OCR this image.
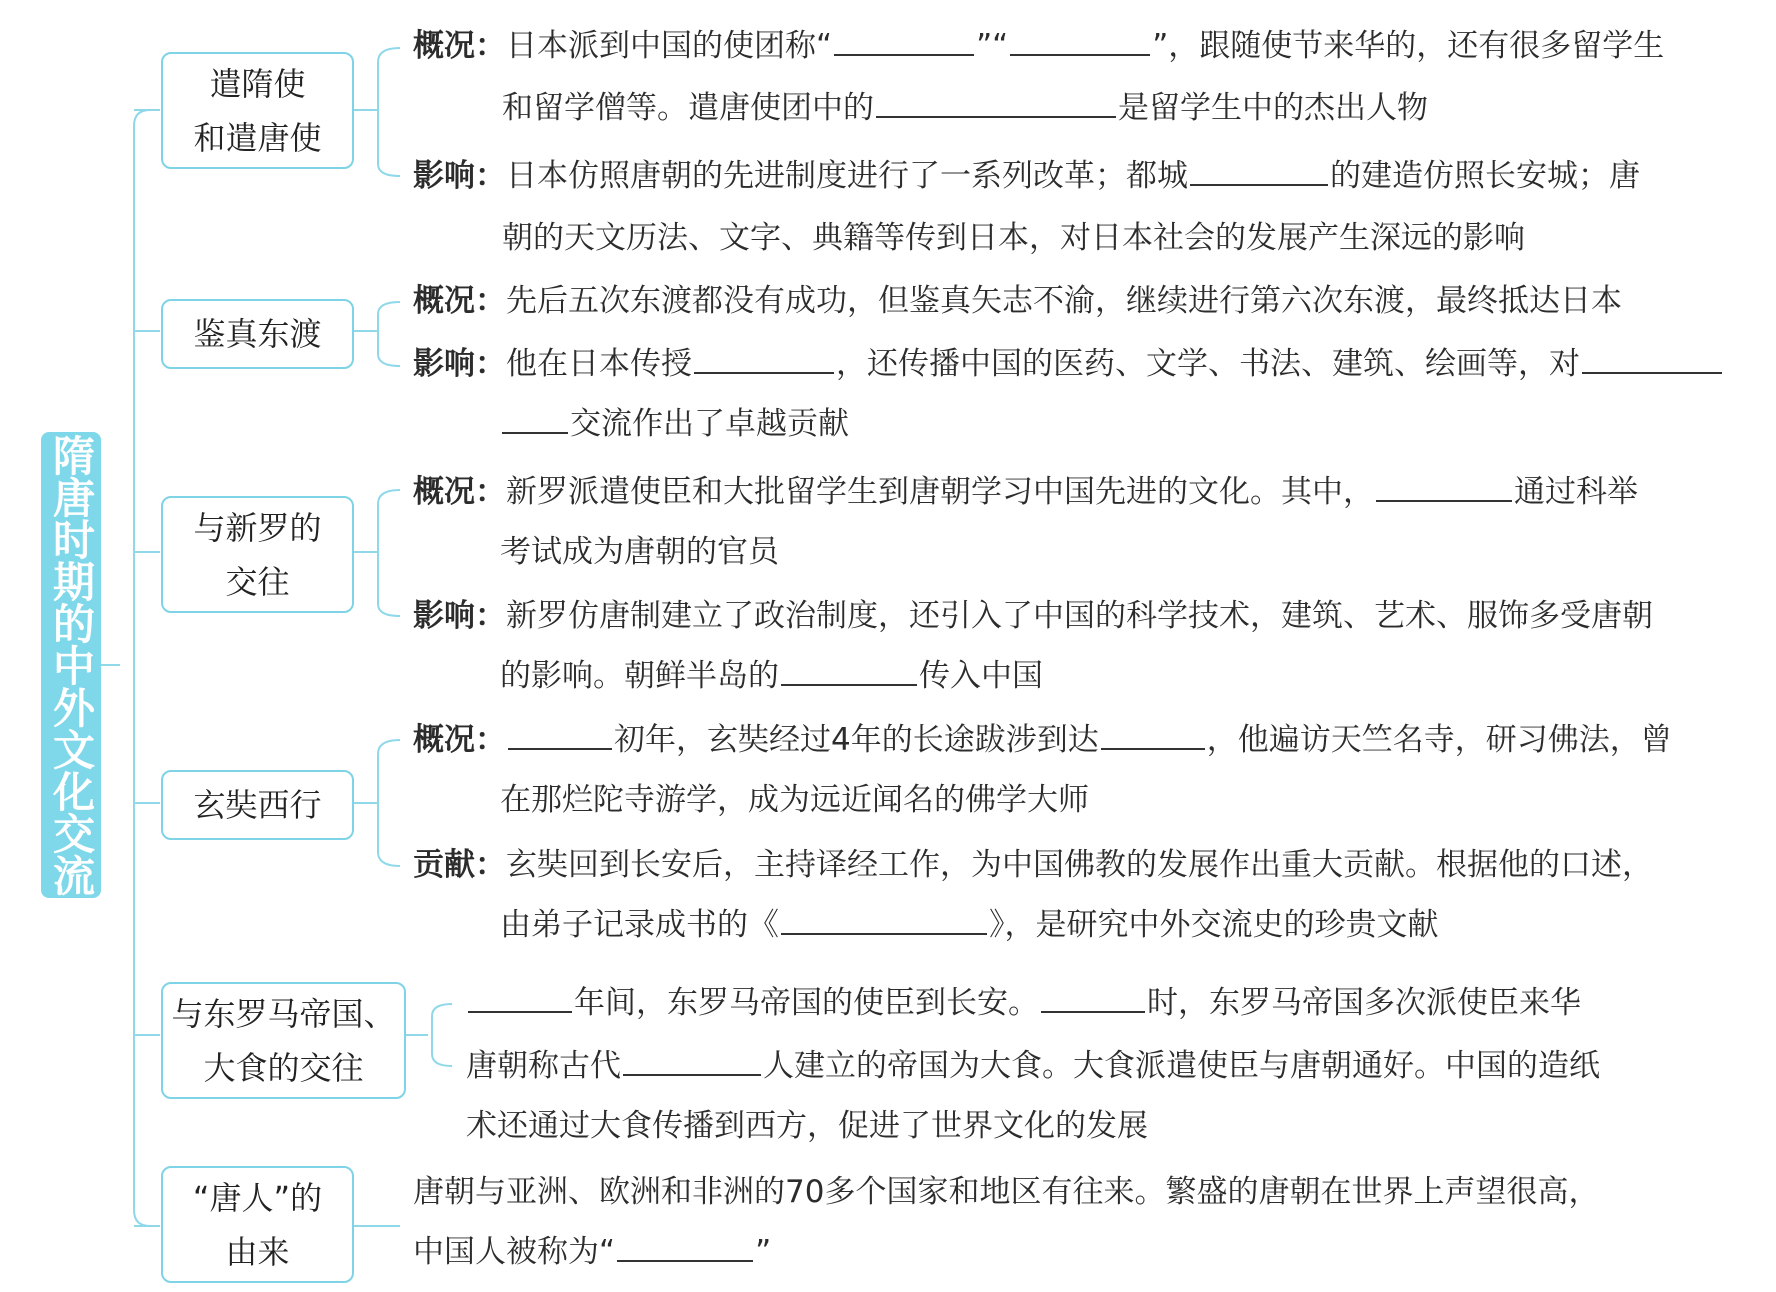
隋唐时期的中外文化交流
遣隋使
和遣唐使
鉴真东渡
与新罗的
交往
玄奘西行
与东罗马帝国、
大食的交往
“唐人”的
由来
概况：日本派到中国的使团称“	”“	”，跟随使节来华的，还有很多留学生
和留学僧等。遣唐使团中的	是留学生中的杰出人物
影响：日本仿照唐朝的先进制度进行了一系列改革；都城	的建造仿照长安城；唐
朝的天文历法、文字、典籍等传到日本，对日本社会的发展产生深远的影响
概况：先后五次东渡都没有成功，但鉴真矢志不渝，继续进行第六次东渡，最终抵达日本
影响：他在日本传授	，还传播中国的医药、文学、书法、建筑、绘画等，对
交流作出了卓越贡献
概况：新罗派遣使臣和大批留学生到唐朝学习中国先进的文化。其中，	通过科举
考试成为唐朝的官员
影响：新罗仿唐制建立了政治制度，还引入了中国的科学技术，建筑、艺术、服饰多受唐朝
的影响。朝鲜半岛的	传入中国
概况：	初年，玄奘经过4年的长途跋涉到达	，他遍访天竺名寺，研习佛法，曾
在那烂陀寺游学，成为远近闻名的佛学大师
贡献：玄奘回到长安后，主持译经工作，为中国佛教的发展作出重大贡献。根据他的口述，
由弟子记录成书的《	》，是研究中外交流史的珍贵文献
年间，东罗马帝国的使臣到长安。	时，东罗马帝国多次派使臣来华
唐朝称古代	人建立的帝国为大食。大食派遣使臣与唐朝通好。中国的造纸
术还通过大食传播到西方，促进了世界文化的发展
唐朝与亚洲、欧洲和非洲的70多个国家和地区有往来。繁盛的唐朝在世界上声望很高，
中国人被称为“	”
